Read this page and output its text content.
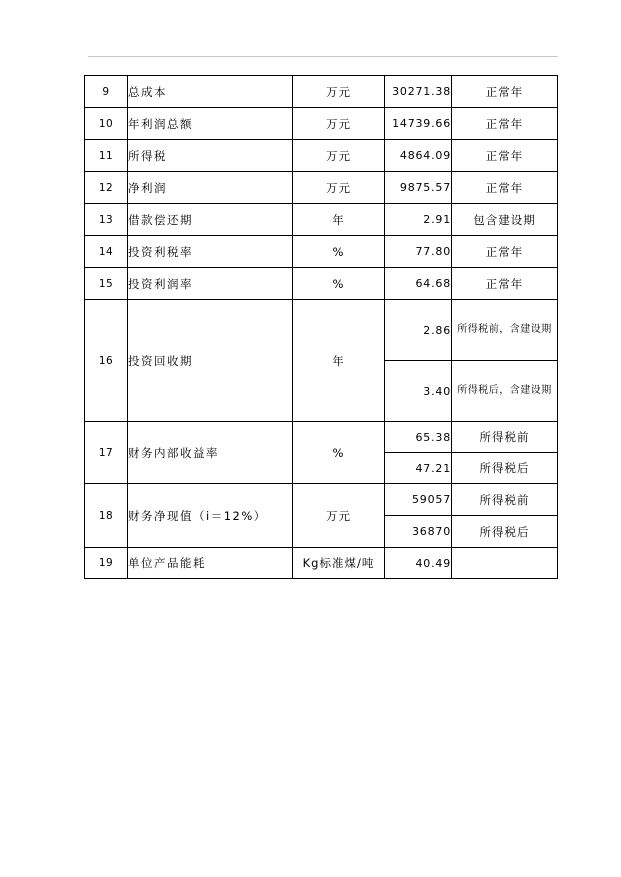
9	总成本	万元	30271.38	正常年
10	年利润总额	万元	14739.66	正常年
11	所得税	万元	4864.09	正常年
12	净利润	万元	9875.57	正常年
13	借款偿还期	年	2.91	包含建设期
14	投资利税率	%	77.80	正常年
15	投资利润率	%	64.68	正常年
16	投资回收期	年	2.86	所得税前，含建设期
			3.40	所得税后，含建设期
17	财务内部收益率	%	65.38	所得税前
			47.21	所得税后
18	财务净现值（i＝12%）	万元	59057	所得税前
			36870	所得税后
19	单位产品能耗	Kg标准煤/吨	40.49	
